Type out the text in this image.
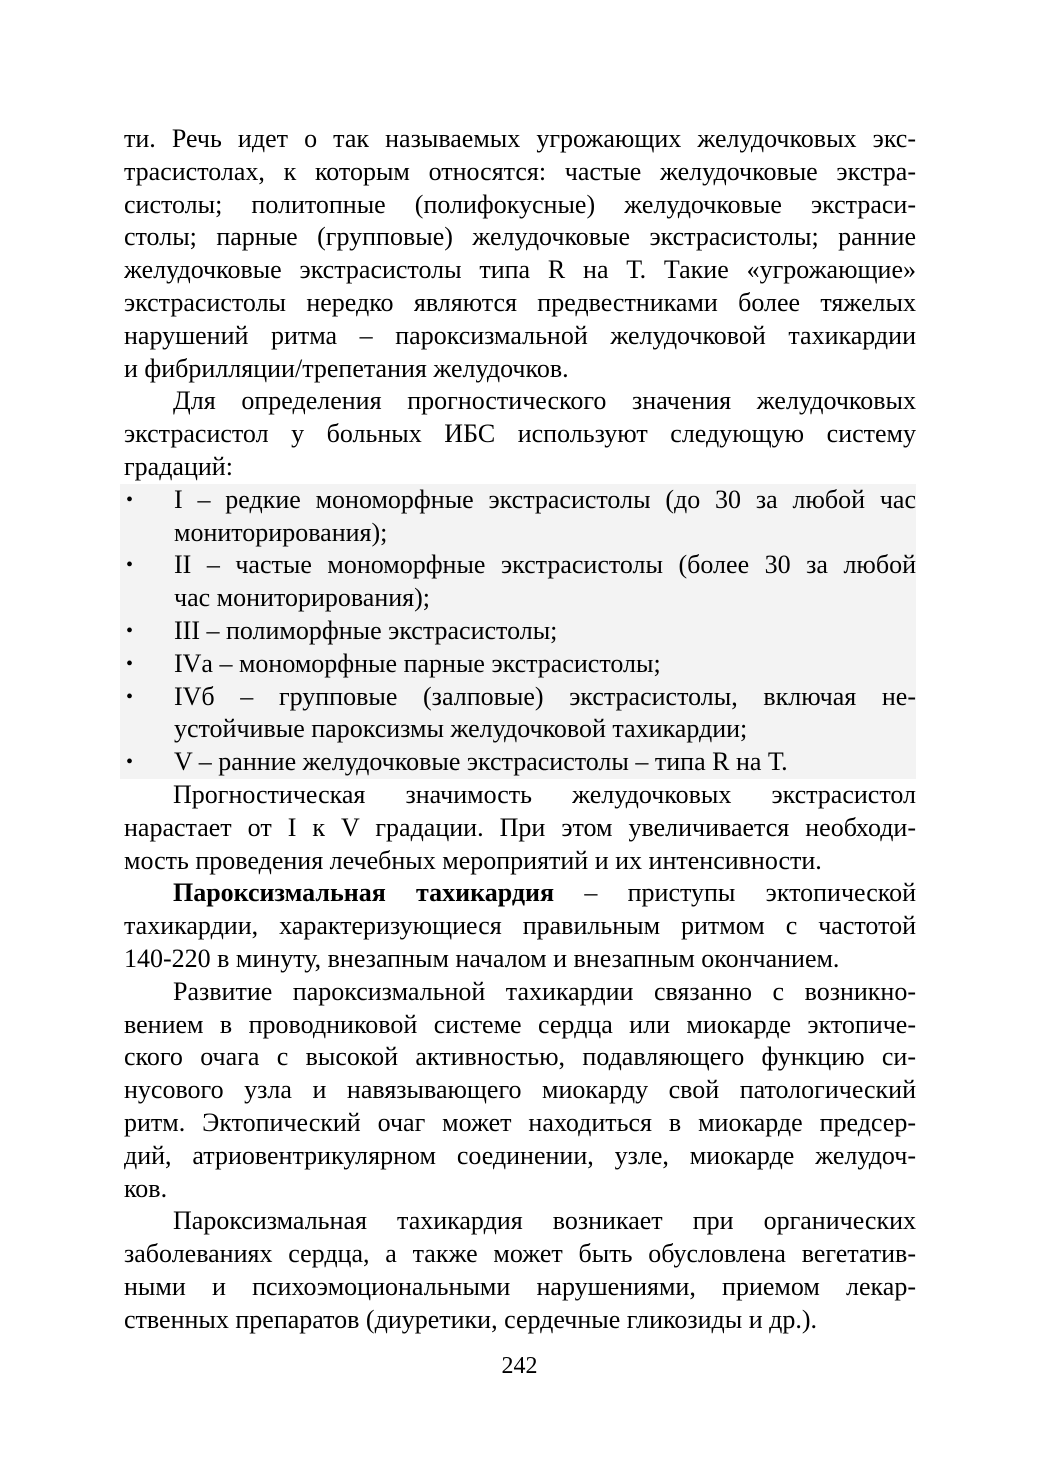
ти. Речь идет о так называемых угрожающих желудочковых экс-
трасистолах, к которым относятся: частые желудочковые экстра-
систолы; политопные (полифокусные) желудочковые экстраси-
столы; парные (групповые) желудочковые экстрасистолы; ранние
желудочковые экстрасистолы типа R на Т. Такие «угрожающие»
экстрасистолы нередко являются предвестниками более тяжелых
нарушений ритма – пароксизмальной желудочковой тахикардии
и фибрилляции/трепетания желудочков.
Для определения прогностического значения желудочковых
экстрасистол у больных ИБС используют следующую систему
градаций:
• I – редкие мономорфные экстрасистолы (до 30 за любой час
мониторирования);
• II – частые мономорфные экстрасистолы (более 30 за любой
час мониторирования);
• III – полиморфные экстрасистолы;
• IVа – мономорфные парные экстрасистолы;
• IVб – групповые (залповые) экстрасистолы, включая не-
устойчивые пароксизмы желудочковой тахикардии;
• V – ранние желудочковые экстрасистолы – типа R на Т.
Прогностическая значимость желудочковых экстрасистол
нарастает от I к V градации. При этом увеличивается необходи-
мость проведения лечебных мероприятий и их интенсивности.
Пароксизмальная тахикардия – приступы эктопической
тахикардии, характеризующиеся правильным ритмом с частотой
140-220 в минуту, внезапным началом и внезапным окончанием.
Развитие пароксизмальной тахикардии связанно с возникно-
вением в проводниковой системе сердца или миокарде эктопиче-
ского очага с высокой активностью, подавляющего функцию си-
нусового узла и навязывающего миокарду свой патологический
ритм. Эктопический очаг может находиться в миокарде предсер-
дий, атриовентрикулярном соединении, узле, миокарде желудоч-
ков.
Пароксизмальная тахикардия возникает при органических
заболеваниях сердца, а также может быть обусловлена вегетатив-
ными и психоэмоциональными нарушениями, приемом лекар-
ственных препаратов (диуретики, сердечные гликозиды и др.).
242
